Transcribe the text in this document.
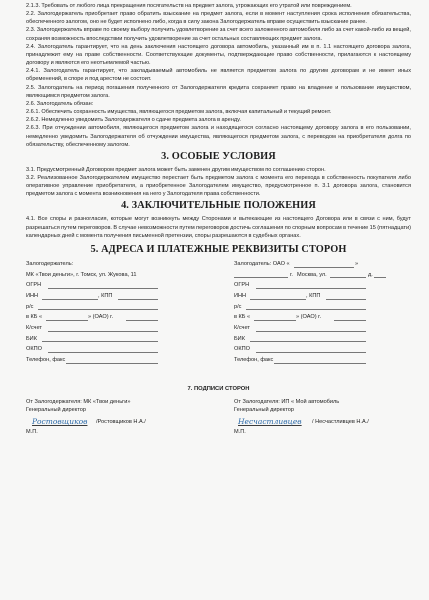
2.1.3. Требовать от любого лица прекращения посягательств на предмет залога, угрожающих его утратой или повреждением.

2.2. Залогодержатель приобретает право обратить взыскание на предмет залога, если в момент наступления срока исполнения обязательства, обеспеченного залогом, оно не будет исполнено либо, когда в силу закона Залогодержатель вправе осуществить взыскание ранее.

2.3. Залогодержатель вправе по своему выбору получить удовлетворение за счет всего заложенного автомобиля либо за счет какой-либо из вещей, сохраняя возможность впоследствии получить удовлетворение за счет остальных составляющих предмет залога.

2.4. Залогодатель гарантирует, что на день заключения настоящего договора автомобиль, указанный им в п. 1.1 настоящего договора залога, принадлежит ему на праве собственности. Соответствующие документы, подтверждающие право собственности, прилагаются к настоящему договору и являются его неотъемлемой частью.

2.4.1. Залогодатель гарантирует, что закладываемый автомобиль не является предметом залога по другим договорам и не имеет иных обременений, в споре и под арестом не состоит.

2.5. Залогодатель на период погашения полученного от Залогодержателя кредита сохраняет право на владение и пользование имуществом, являющимся предметом залога.

2.6. Залогодатель обязан:

2.6.1. Обеспечить сохранность имущества, являющегося предметом залога, включая капитальный и текущий ремонт.

2.6.2. Немедленно уведомить Залогодержателя о сдаче предмета залога в аренду.

2.6.3. При отчуждении автомобиля, являющегося предметом залога и находящегося согласно настоящему договору залога в его пользовании, немедленно уведомить Залогодержателя об отчуждении имущества, являющегося предметом залога, с переводом на приобретателя долга по обязательству, обеспеченному залогом.

3. ОСОБЫЕ УСЛОВИЯ

3.1. Предусмотренный Договором предмет залога может быть заменен другим имуществом по соглашению сторон.

3.2. Реализованное Залогодержателем имущество перестает быть предметом залога с момента его перехода в собственность покупателя либо оперативное управление приобретателя, а приобретенное Залогодателем имущество, предусмотренное п. 3.1 договора залога, становится предметом залога с момента возникновения на него у Залогодателя права собственности.

4. ЗАКЛЮЧИТЕЛЬНЫЕ ПОЛОЖЕНИЯ

4.1. Все споры и разногласия, которые могут возникнуть между Сторонами и вытекающие из настоящего Договора или в связи с ним, будут разрешаться путем переговоров. В случае невозможности путем переговоров достичь соглашения по спорным вопросам в течение 15 (пятнадцати) календарных дней с момента получения письменной претензии, споры разрешаются в судебных органах.

5. АДРЕСА И ПЛАТЕЖНЫЕ РЕКВИЗИТЫ СТОРОН
Залогодержатель:
МК «Твои деньги», г. Томск, ул. Жукова, 11
ОГРН
ИНН	, КПП
р/с
в КБ «	» (ОАО) г.
К/счет
БИК
ОКПО
Телефон, факс
Залогодатель: ОАО «	»
г. Москва, ул.	д.
ОГРН
ИНН	, КПП
р/с
в КБ «	» (ОАО) г.
К/счет
БИК
ОКПО
Телефон, факс
7. ПОДПИСИ СТОРОН
От Залогодержателя: МК «Твои деньги»
Генеральный директор
Ростовщиков /Ростовщиков Н.А./
М.П.
От Залогодателя: ИП « Мой автомобиль
Генеральный директор
Несчастливцев / Несчастливцев Н.А./
М.П.
